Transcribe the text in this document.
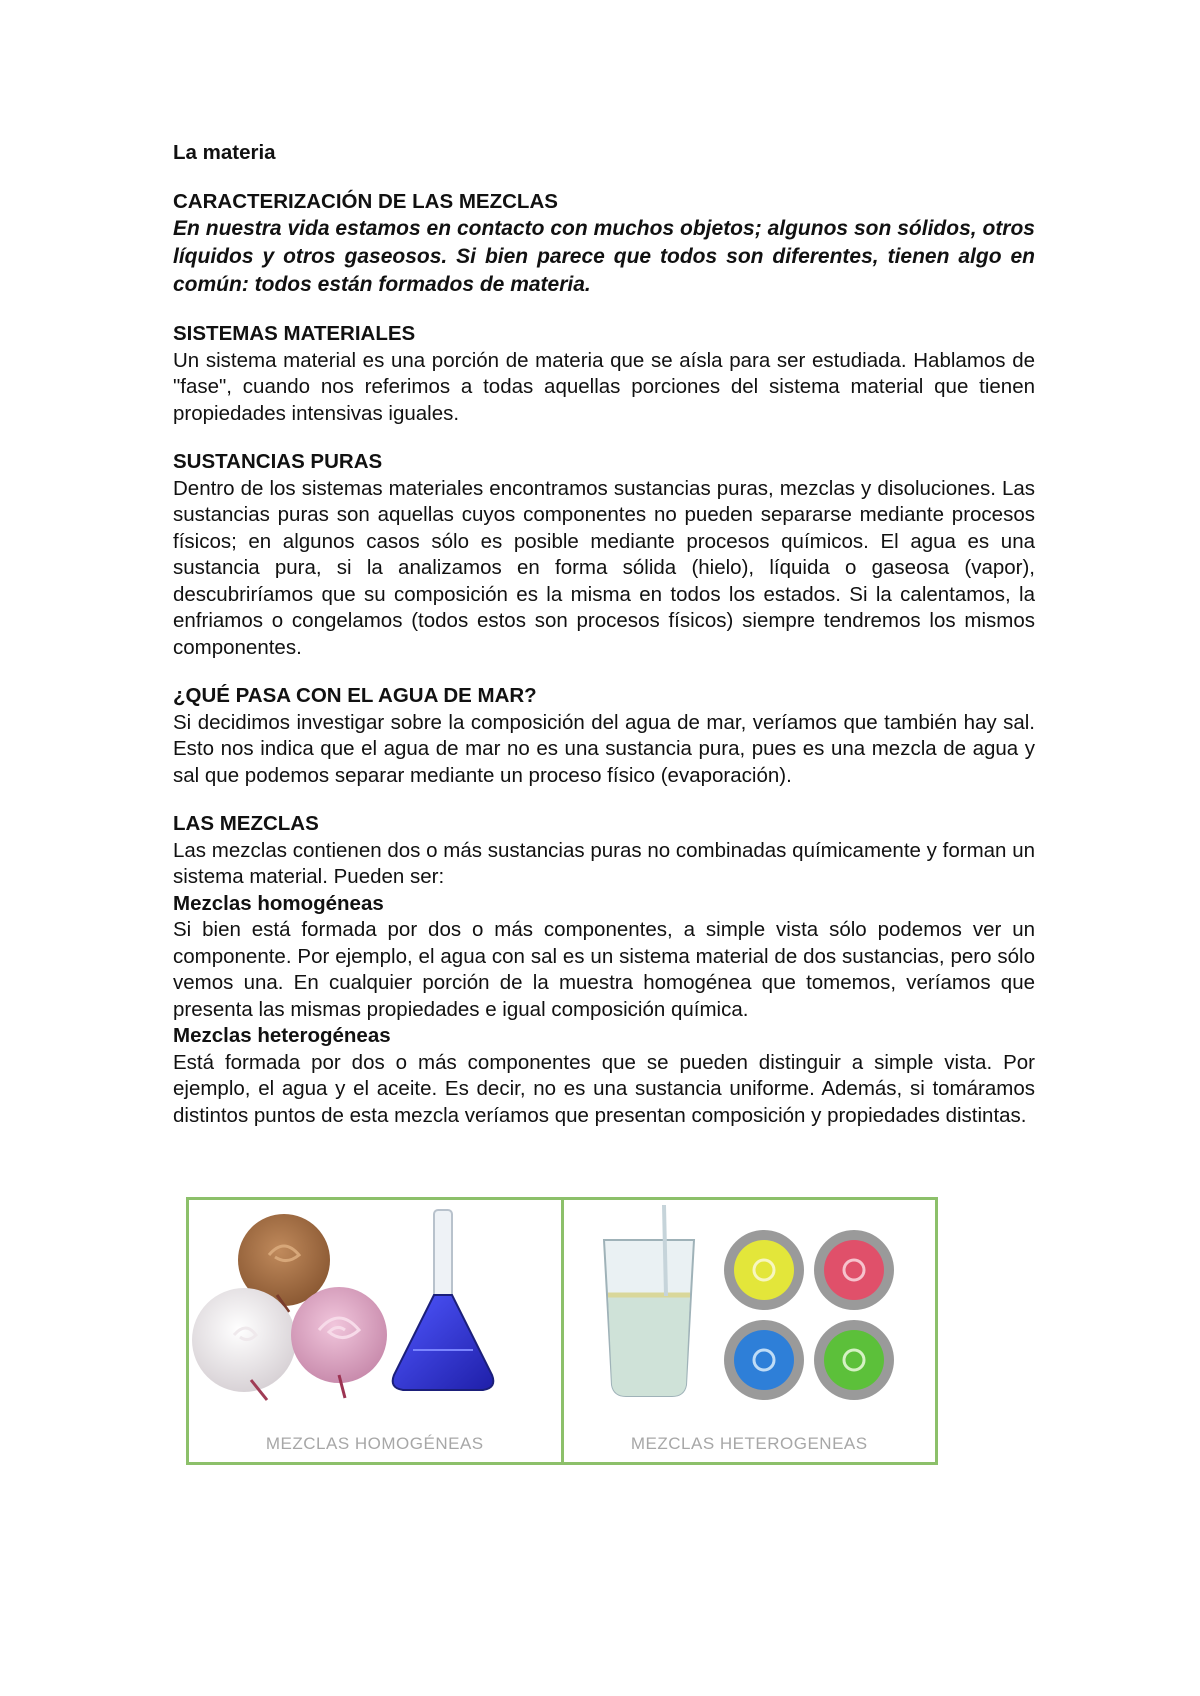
La materia

CARACTERIZACIÓN DE LAS MEZCLAS

En nuestra vida estamos en contacto con muchos objetos; algunos son sólidos, otros líquidos y otros gaseosos. Si bien parece que todos son diferentes, tienen algo en común: todos están formados de materia.

SISTEMAS MATERIALES

Un sistema material es una porción de materia que se aísla para ser estudiada. Hablamos de "fase", cuando nos referimos a todas aquellas porciones del sistema material que tienen propiedades intensivas iguales.

SUSTANCIAS PURAS

Dentro de los sistemas materiales encontramos sustancias puras, mezclas y disoluciones. Las sustancias puras son aquellas cuyos componentes no pueden separarse mediante procesos físicos; en algunos casos sólo es posible mediante procesos químicos. El agua es una sustancia pura, si la analizamos en forma sólida (hielo), líquida o gaseosa (vapor), descubriríamos que su composición es la misma en todos los estados. Si la calentamos, la enfriamos o congelamos (todos estos son procesos físicos) siempre tendremos los mismos componentes.

¿QUÉ PASA CON EL AGUA DE MAR?

Si decidimos investigar sobre la composición del agua de mar, veríamos que también hay sal. Esto nos indica que el agua de mar no es una sustancia pura, pues es una mezcla de agua y sal que podemos separar mediante un proceso físico (evaporación).

LAS MEZCLAS

Las mezclas contienen dos o más sustancias puras no combinadas químicamente y forman un sistema material. Pueden ser:

Mezclas homogéneas

Si bien está formada por dos o más componentes, a simple vista sólo podemos ver un componente. Por ejemplo, el agua con sal es un sistema material de dos sustancias, pero sólo vemos una. En cualquier porción de la muestra homogénea que tomemos, veríamos que presenta las mismas propiedades e igual composición química.

Mezclas heterogéneas

Está formada por dos o más componentes que se pueden distinguir a simple vista. Por ejemplo, el agua y el aceite. Es decir, no es una sustancia uniforme. Además, si tomáramos distintos puntos de esta mezcla veríamos que presentan composición y propiedades distintas.

MEZCLAS HOMOGÉNEAS	MEZCLAS HETEROGENEAS
